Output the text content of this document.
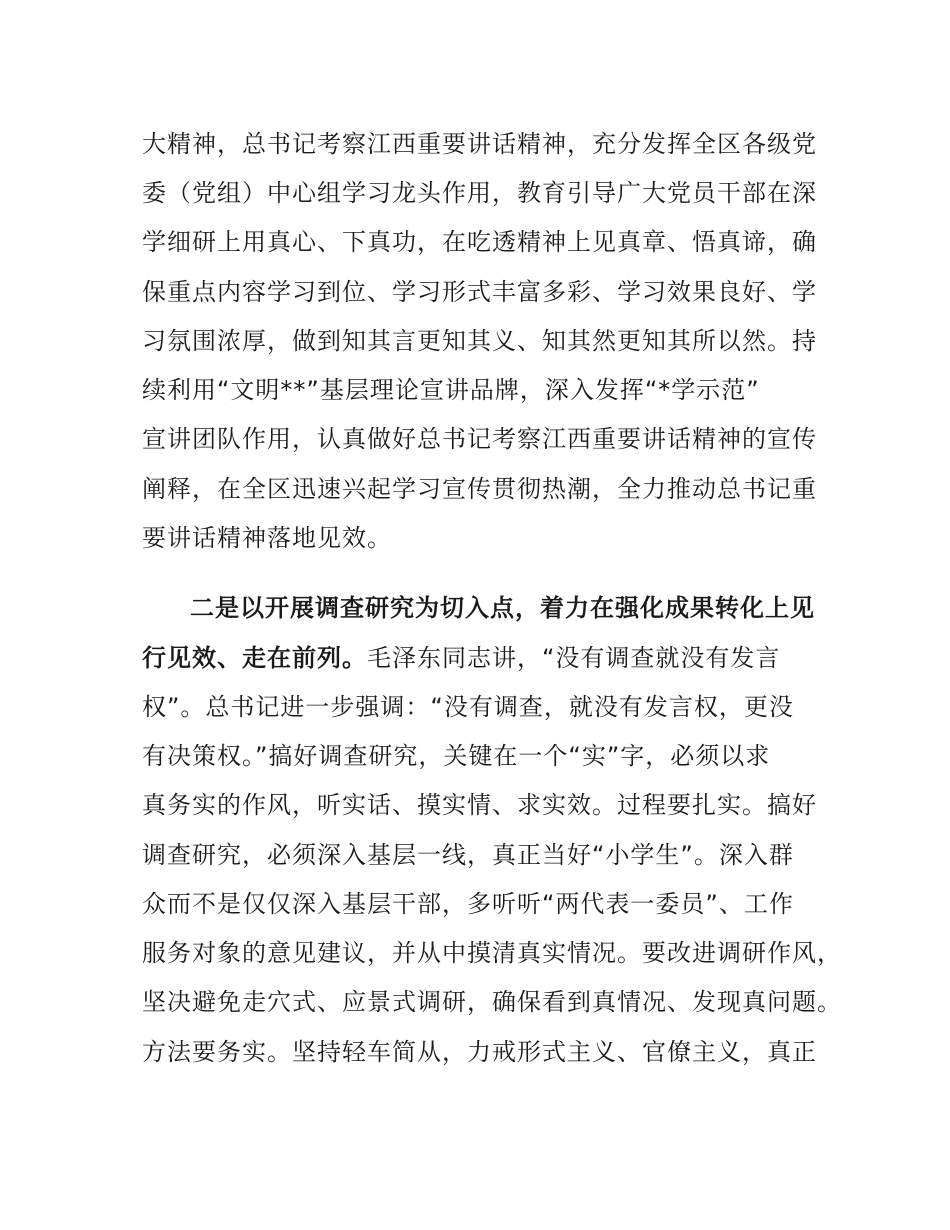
大精神，总书记考察江西重要讲话精神，充分发挥全区各级党
委（党组）中心组学习龙头作用，教育引导广大党员干部在深
学细研上用真心、下真功，在吃透精神上见真章、悟真谛，确
保重点内容学习到位、学习形式丰富多彩、学习效果良好、学
习氛围浓厚，做到知其言更知其义、知其然更知其所以然。持
续利用“文明**”基层理论宣讲品牌，深入发挥“*学示范”
宣讲团队作用，认真做好总书记考察江西重要讲话精神的宣传
阐释，在全区迅速兴起学习宣传贯彻热潮，全力推动总书记重
要讲话精神落地见效。
二是以开展调查研究为切入点，着力在强化成果转化上见
行见效、走在前列。毛泽东同志讲，“没有调查就没有发言
权”。总书记进一步强调：“没有调查，就没有发言权，更没
有决策权。”搞好调查研究，关键在一个“实”字，必须以求
真务实的作风，听实话、摸实情、求实效。过程要扎实。搞好
调查研究，必须深入基层一线，真正当好“小学生”。深入群
众而不是仅仅深入基层干部，多听听“两代表一委员”、工作
服务对象的意见建议，并从中摸清真实情况。要改进调研作风，
坚决避免走穴式、应景式调研，确保看到真情况、发现真问题。
方法要务实。坚持轻车简从，力戒形式主义、官僚主义，真正
